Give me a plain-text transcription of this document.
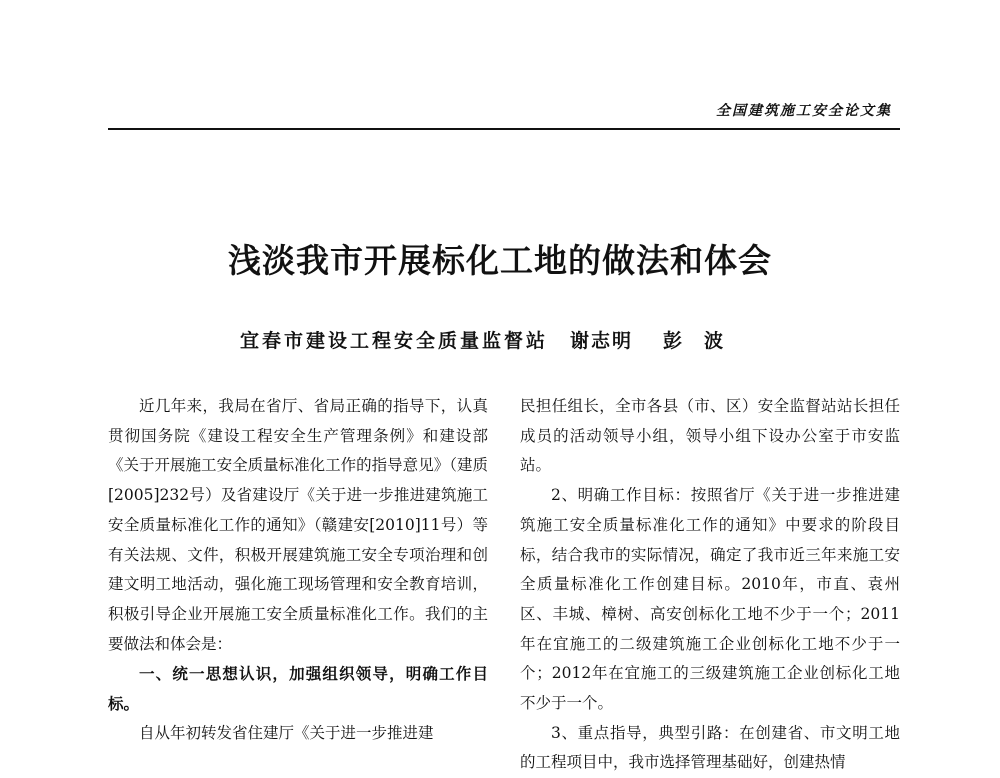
全国建筑施工安全论文集
浅淡我市开展标化工地的做法和体会
宜春市建设工程安全质量监督站 谢志明 彭波

近几年来，我局在省厅、省局正确的指导下，认真贯彻国务院《建设工程安全生产管理条例》和建设部《关于开展施工安全质量标准化工作的指导意见》（建质[2005]232号）及省建设厅《关于进一步推进建筑施工安全质量标准化工作的通知》（赣建安[2010]11号）等有关法规、文件，积极开展建筑施工安全专项治理和创建文明工地活动，强化施工现场管理和安全教育培训，积极引导企业开展施工安全质量标准化工作。我们的主要做法和体会是：

一、统一思想认识，加强组织领导，明确工作目标。

自从年初转发省住建厅《关于进一步推进建

民担任组长，全市各县（市、区）安全监督站站长担任成员的活动领导小组，领导小组下设办公室于市安监站。

2、明确工作目标：按照省厅《关于进一步推进建筑施工安全质量标准化工作的通知》中要求的阶段目标，结合我市的实际情况，确定了我市近三年来施工安全质量标准化工作创建目标。2010年，市直、袁州区、丰城、樟树、高安创标化工地不少于一个；2011年在宜施工的二级建筑施工企业创标化工地不少于一个；2012年在宜施工的三级建筑施工企业创标化工地不少于一个。

3、重点指导，典型引路：在创建省、市文明工地的工程项目中，我市选择管理基础好，创建热情
